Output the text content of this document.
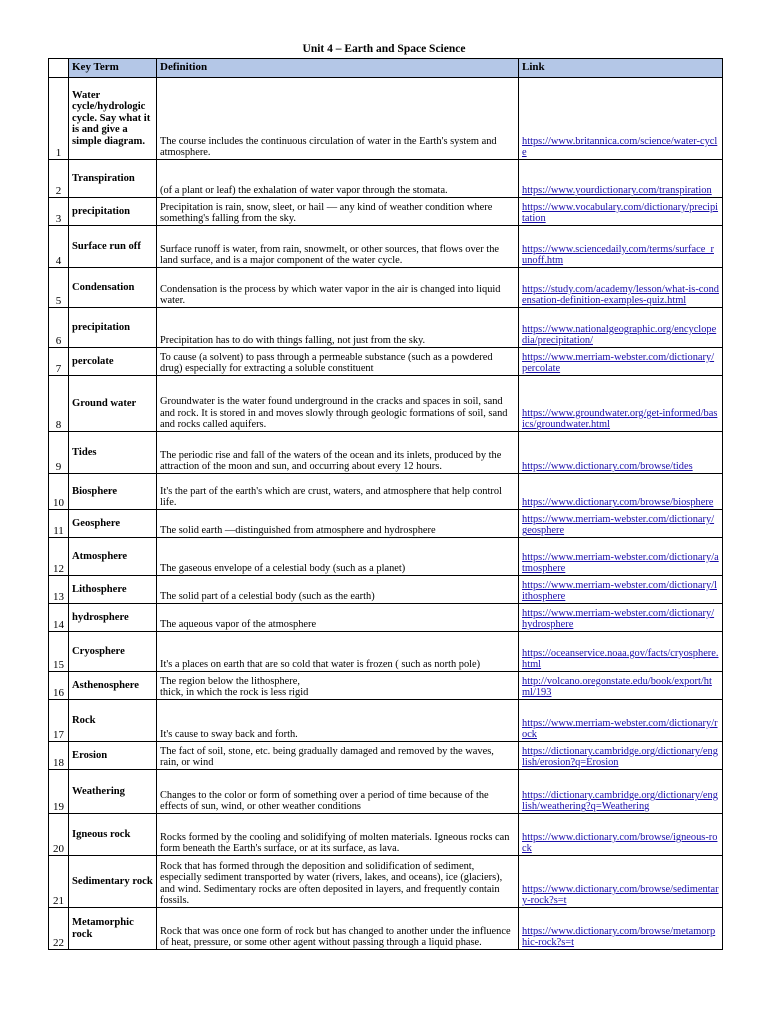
Unit 4 – Earth and Space Science
	Key Term	Definition	Link
1	Water cycle/hydrologic cycle. Say what it is and give a simple diagram.	The course includes the continuous circulation of water in the Earth's system and atmosphere.	https://www.britannica.com/science/water-cycle
2	Transpiration	(of a plant or leaf) the exhalation of water vapor through the stomata.	https://www.yourdictionary.com/transpiration
3	precipitation	Precipitation is rain, snow, sleet, or hail — any kind of weather condition where something's falling from the sky.	https://www.vocabulary.com/dictionary/precipitation
4	Surface run off	Surface runoff is water, from rain, snowmelt, or other sources, that flows over the land surface, and is a major component of the water cycle.	https://www.sciencedaily.com/terms/surface_runoff.htm
5	Condensation	Condensation is the process by which water vapor in the air is changed into liquid water.	https://study.com/academy/lesson/what-is-condensation-definition-examples-quiz.html
6	precipitation	Precipitation has to do with things falling, not just from the sky.	https://www.nationalgeographic.org/encyclopedia/precipitation/
7	percolate	To cause (a solvent) to pass through a permeable substance (such as a powdered drug) especially for extracting a soluble constituent	https://www.merriam-webster.com/dictionary/percolate
8	Ground water	Groundwater is the water found underground in the cracks and spaces in soil, sand and rock. It is stored in and moves slowly through geologic formations of soil, sand and rocks called aquifers.	https://www.groundwater.org/get-informed/basics/groundwater.html
9	Tides	The periodic rise and fall of the waters of the ocean and its inlets, produced by the attraction of the moon and sun, and occurring about every 12 hours.	https://www.dictionary.com/browse/tides
10	Biosphere	It's the part of the earth's which are crust, waters, and atmosphere that help control life.	https://www.dictionary.com/browse/biosphere
11	Geosphere	The solid earth —distinguished from atmosphere and hydrosphere	https://www.merriam-webster.com/dictionary/geosphere
12	Atmosphere	The gaseous envelope of a celestial body (such as a planet)	https://www.merriam-webster.com/dictionary/atmosphere
13	Lithosphere	The solid part of a celestial body (such as the earth)	https://www.merriam-webster.com/dictionary/lithosphere
14	hydrosphere	The aqueous vapor of the atmosphere	https://www.merriam-webster.com/dictionary/hydrosphere
15	Cryosphere	It's a places on earth that are so cold that water is frozen ( such as north pole)	https://oceanservice.noaa.gov/facts/cryosphere.html
16	Asthenosphere	The region below the lithosphere,
thick, in which the rock is less rigid	http://volcano.oregonstate.edu/book/export/html/193
17	Rock	It's cause to sway back and forth.	https://www.merriam-webster.com/dictionary/rock
18	Erosion	The fact of soil, stone, etc. being gradually damaged and removed by the waves, rain, or wind	https://dictionary.cambridge.org/dictionary/english/erosion?q=Erosion
19	Weathering	Changes to the color or form of something over a period of time because of the effects of sun, wind, or other weather conditions	https://dictionary.cambridge.org/dictionary/english/weathering?q=Weathering
20	Igneous rock	Rocks formed by the cooling and solidifying of molten materials. Igneous rocks can form beneath the Earth's surface, or at its surface, as lava.	https://www.dictionary.com/browse/igneous-rock
21	Sedimentary rock	Rock that has formed through the deposition and solidification of sediment, especially sediment transported by water (rivers, lakes, and oceans), ice (glaciers), and wind. Sedimentary rocks are often deposited in layers, and frequently contain fossils.	https://www.dictionary.com/browse/sedimentary-rock?s=t
22	Metamorphic rock	Rock that was once one form of rock but has changed to another under the influence of heat, pressure, or some other agent without passing through a liquid phase.	https://www.dictionary.com/browse/metamorphic-rock?s=t
